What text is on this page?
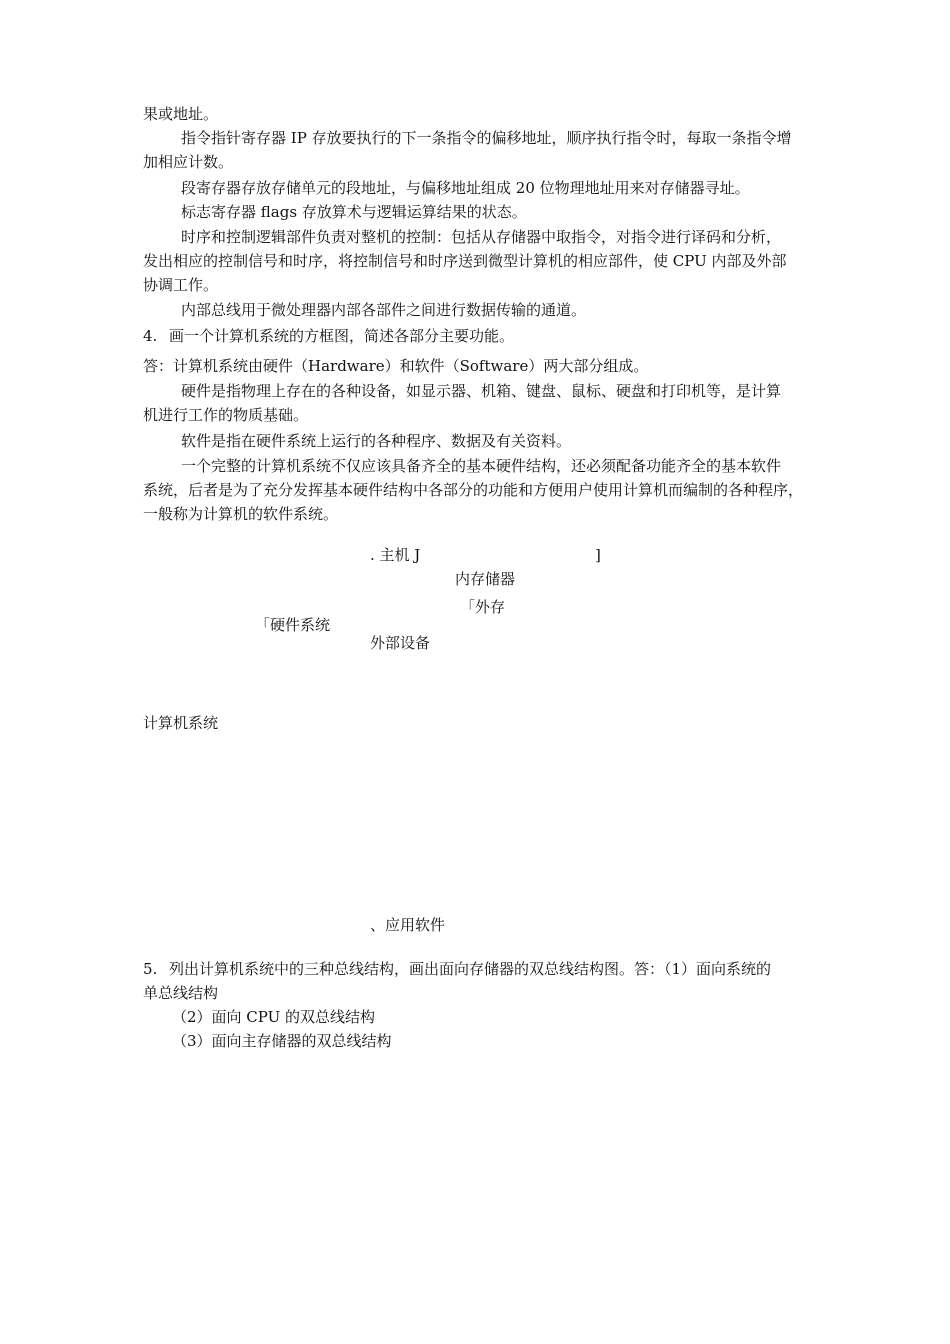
果或地址。

指令指针寄存器 IP 存放要执行的下一条指令的偏移地址，顺序执行指令时，每取一条指令增

加相应计数。

段寄存器存放存储单元的段地址，与偏移地址组成 20 位物理地址用来对存储器寻址。

标志寄存器 flags 存放算术与逻辑运算结果的状态。

时序和控制逻辑部件负责对整机的控制：包括从存储器中取指令，对指令进行译码和分析，

发出相应的控制信号和时序，将控制信号和时序送到微型计算机的相应部件，使 CPU 内部及外部

协调工作。

内部总线用于微处理器内部各部件之间进行数据传输的通道。

4. 画一个计算机系统的方框图，简述各部分主要功能。

答：计算机系统由硬件（Hardware）和软件（Software）两大部分组成。

硬件是指物理上存在的各种设备，如显示器、机箱、键盘、鼠标、硬盘和打印机等，是计算

机进行工作的物质基础。

软件是指在硬件系统上运行的各种程序、数据及有关资料。

一个完整的计算机系统不仅应该具备齐全的基本硬件结构，还必须配备功能齐全的基本软件

系统，后者是为了充分发挥基本硬件结构中各部分的功能和方便用户使用计算机而编制的各种程序，

一般称为计算机的软件系统。

. 主机 J	]

内存储器

「外存

「硬件系统

外部设备

计算机系统

、应用软件

5. 列出计算机系统中的三种总线结构，画出面向存储器的双总线结构图。答：（1）面向系统的

单总线结构

（2）面向 CPU 的双总线结构

（3）面向主存储器的双总线结构
